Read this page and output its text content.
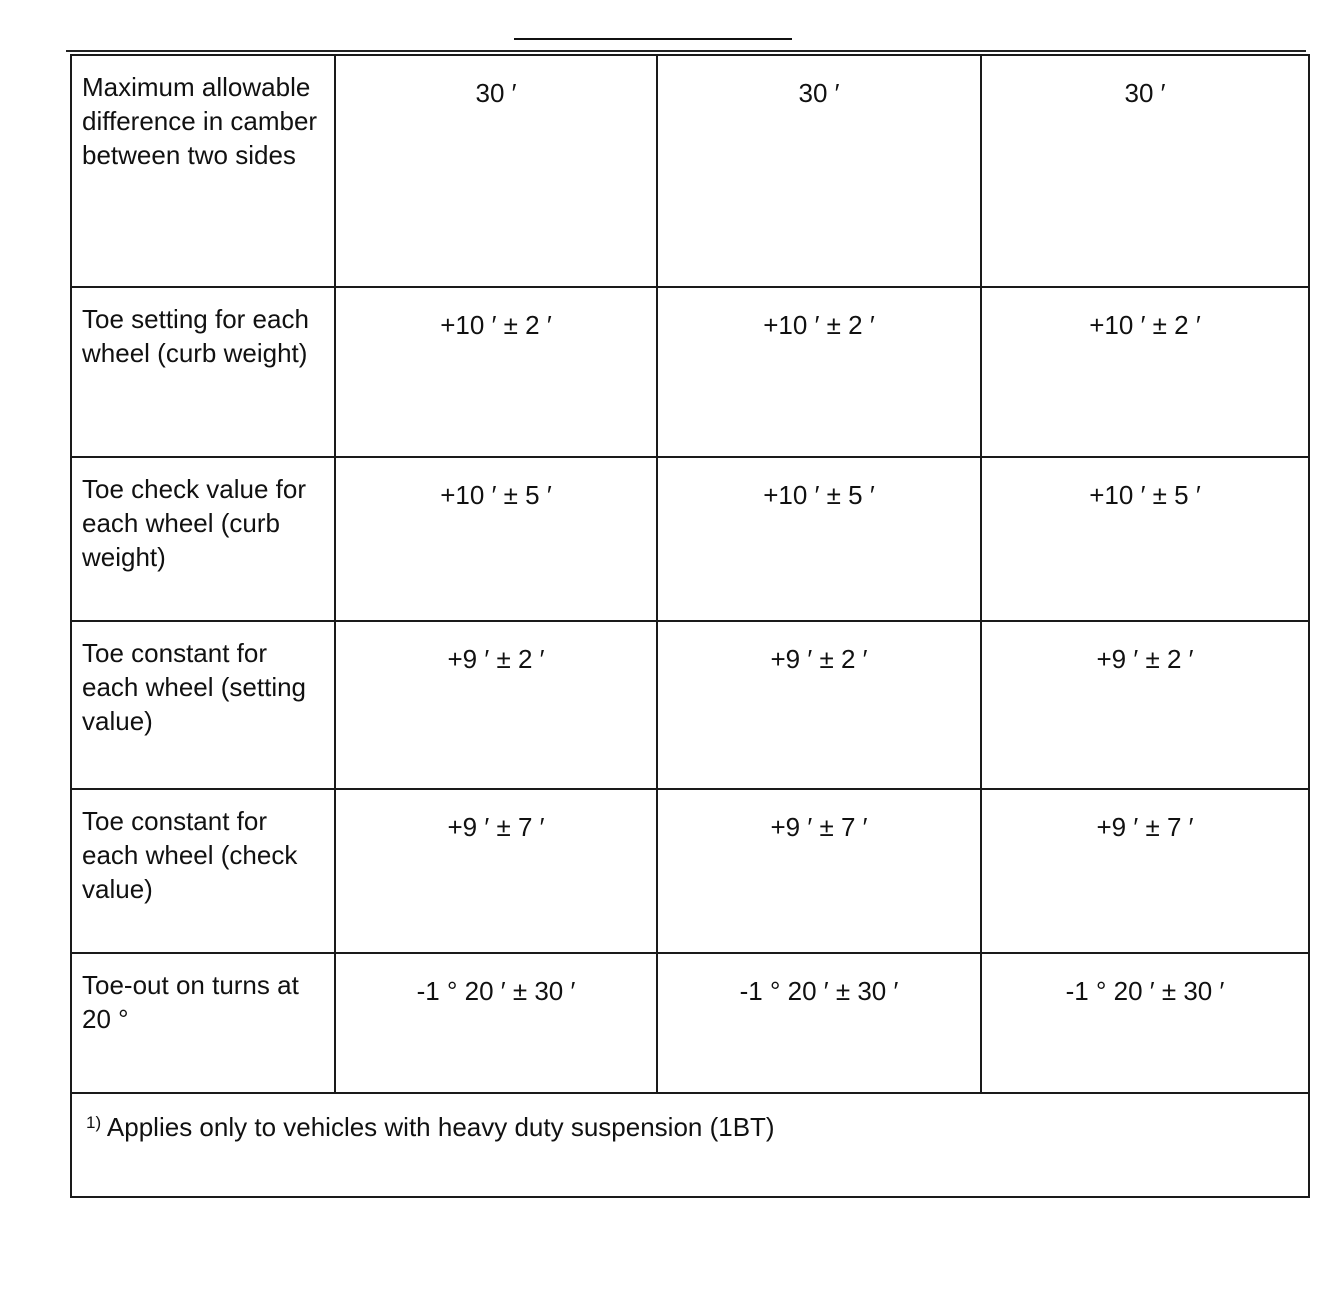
Maximum allowable difference in camber between two sides	30 ′	30 ′	30 ′
Toe setting for each wheel (curb weight)	+10 ′ ± 2 ′	+10 ′ ± 2 ′	+10 ′ ± 2 ′
Toe check value for each wheel (curb weight)	+10 ′ ± 5 ′	+10 ′ ± 5 ′	+10 ′ ± 5 ′
Toe constant for each wheel (setting value)	+9 ′ ± 2 ′	+9 ′ ± 2 ′	+9 ′ ± 2 ′
Toe constant for each wheel (check value)	+9 ′ ± 7 ′	+9 ′ ± 7 ′	+9 ′ ± 7 ′
Toe-out on turns at 20 °	-1 ° 20 ′ ± 30 ′	-1 ° 20 ′ ± 30 ′	-1 ° 20 ′ ± 30 ′
$^{1)}$ Applies only to vehicles with heavy duty suspension (1BT)			
